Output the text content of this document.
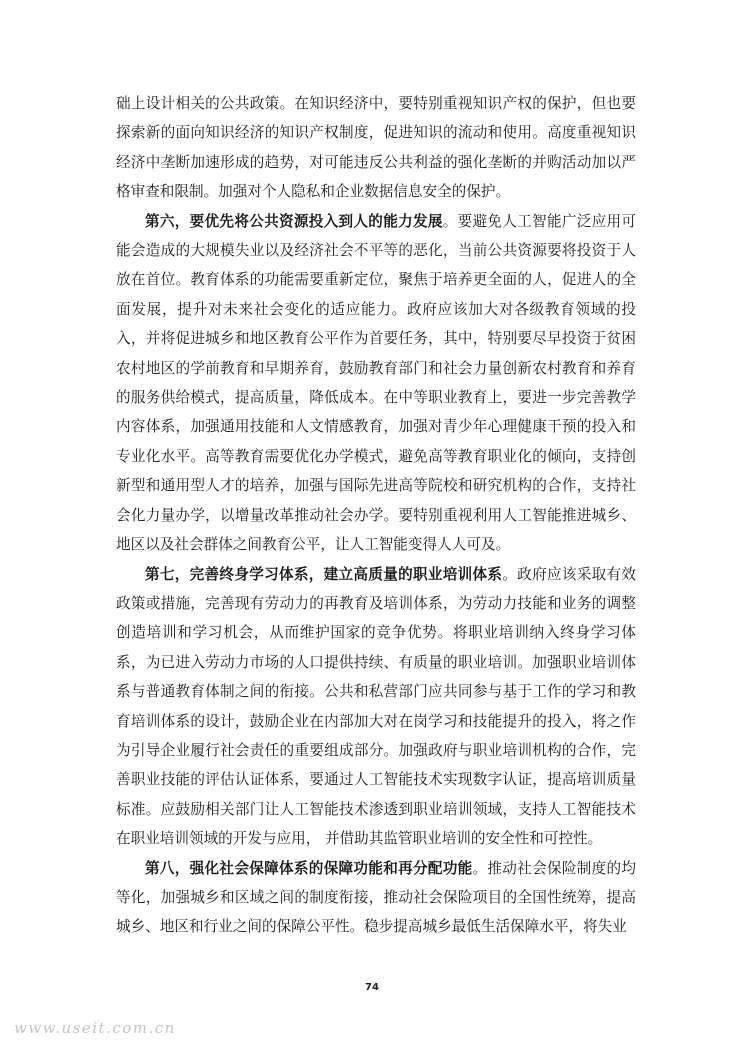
础上设计相关的公共政策。在知识经济中，要特别重视知识产权的保护，但也要探索新的面向知识经济的知识产权制度，促进知识的流动和使用。高度重视知识经济中垄断加速形成的趋势，对可能违反公共利益的强化垄断的并购活动加以严格审查和限制。加强对个人隐私和企业数据信息安全的保护。

第六，要优先将公共资源投入到人的能力发展。要避免人工智能广泛应用可能会造成的大规模失业以及经济社会不平等的恶化，当前公共资源要将投资于人放在首位。教育体系的功能需要重新定位，聚焦于培养更全面的人，促进人的全面发展，提升对未来社会变化的适应能力。政府应该加大对各级教育领域的投入，并将促进城乡和地区教育公平作为首要任务，其中，特别要尽早投资于贫困农村地区的学前教育和早期养育，鼓励教育部门和社会力量创新农村教育和养育的服务供给模式，提高质量，降低成本。在中等职业教育上，要进一步完善教学内容体系，加强通用技能和人文情感教育，加强对青少年心理健康干预的投入和专业化水平。高等教育需要优化办学模式，避免高等教育职业化的倾向，支持创新型和通用型人才的培养，加强与国际先进高等院校和研究机构的合作，支持社会化力量办学，以增量改革推动社会办学。要特别重视利用人工智能推进城乡、地区以及社会群体之间教育公平，让人工智能变得人人可及。

第七，完善终身学习体系，建立高质量的职业培训体系。政府应该采取有效政策或措施，完善现有劳动力的再教育及培训体系，为劳动力技能和业务的调整创造培训和学习机会，从而维护国家的竞争优势。将职业培训纳入终身学习体系，为已进入劳动力市场的人口提供持续、有质量的职业培训。加强职业培训体系与普通教育体制之间的衔接。公共和私营部门应共同参与基于工作的学习和教育培训体系的设计，鼓励企业在内部加大对在岗学习和技能提升的投入，将之作为引导企业履行社会责任的重要组成部分。加强政府与职业培训机构的合作，完善职业技能的评估认证体系，要通过人工智能技术实现数字认证，提高培训质量标准。应鼓励相关部门让人工智能技术渗透到职业培训领域，支持人工智能技术在职业培训领域的开发与应用， 并借助其监管职业培训的安全性和可控性。

第八，强化社会保障体系的保障功能和再分配功能。推动社会保险制度的均等化，加强城乡和区域之间的制度衔接，推动社会保险项目的全国性统筹，提高城乡、地区和行业之间的保障公平性。稳步提高城乡最低生活保障水平，将失业

74
www.useit.com.cn
